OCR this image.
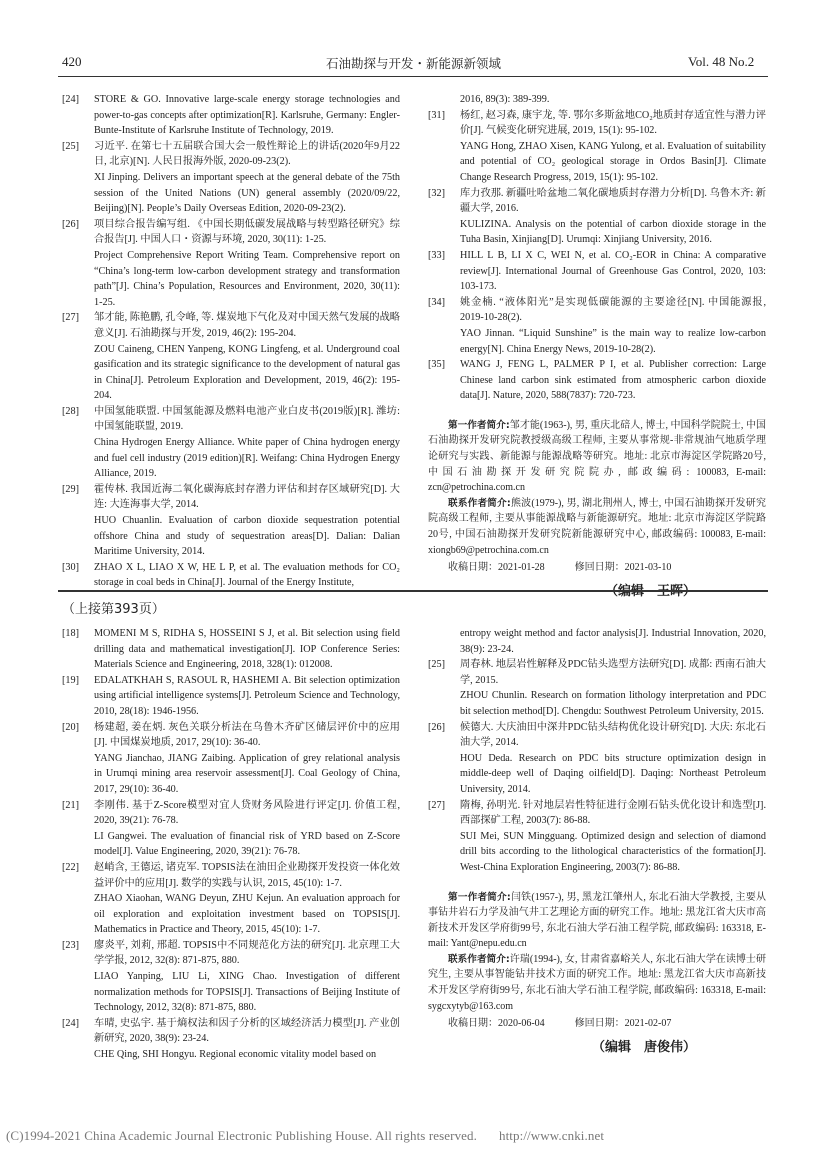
420	石油勘探与开发・新能源新领域	Vol. 48 No.2
[24] STORE & GO. Innovative large-scale energy storage technologies and power-to-gas concepts after optimization[R]. Karlsruhe, Germany: Engler-Bunte-Institute of Karlsruhe Institute of Technology, 2019.

[25] 习近平. 在第七十五届联合国大会一般性辩论上的讲话(2020年9月22日, 北京)[N]. 人民日报海外版, 2020-09-23(2).

XI Jinping. Delivers an important speech at the general debate of the 75th session of the United Nations (UN) general assembly (2020/09/22, Beijing)[N]. People’s Daily Overseas Edition, 2020-09-23(2).

[26] 项目综合报告编写组. 《中国长期低碳发展战略与转型路径研究》综合报告[J]. 中国人口・资源与环境, 2020, 30(11): 1-25.

Project Comprehensive Report Writing Team. Comprehensive report on “China’s long-term low-carbon development strategy and transformation path”[J]. China’s Population, Resources and Environment, 2020, 30(11): 1-25.

[27] 邹才能, 陈艳鹏, 孔令峰, 等. 煤炭地下气化及对中国天然气发展的战略意义[J]. 石油勘探与开发, 2019, 46(2): 195-204.

ZOU Caineng, CHEN Yanpeng, KONG Lingfeng, et al. Underground coal gasification and its strategic significance to the development of natural gas in China[J]. Petroleum Exploration and Development, 2019, 46(2): 195-204.

[28] 中国氢能联盟. 中国氢能源及燃料电池产业白皮书(2019版)[R]. 潍坊: 中国氢能联盟, 2019.

China Hydrogen Energy Alliance. White paper of China hydrogen energy and fuel cell industry (2019 edition)[R]. Weifang: China Hydrogen Energy Alliance, 2019.

[29] 霍传林. 我国近海二氧化碳海底封存潜力评估和封存区域研究[D]. 大连: 大连海事大学, 2014.

HUO Chuanlin. Evaluation of carbon dioxide sequestration potential offshore China and study of sequestration areas[D]. Dalian: Dalian Maritime University, 2014.

[30] ZHAO X L, LIAO X W, HE L P, et al. The evaluation methods for CO₂ storage in coal beds in China[J]. Journal of the Energy Institute,

2016, 89(3): 389-399.

[31] 杨红, 赵习森, 康宇龙, 等. 鄂尔多斯盆地CO₂地质封存适宜性与潜力评价[J]. 气候变化研究进展, 2019, 15(1): 95-102.

YANG Hong, ZHAO Xisen, KANG Yulong, et al. Evaluation of suitability and potential of CO₂ geological storage in Ordos Basin[J]. Climate Change Research Progress, 2019, 15(1): 95-102.

[32] 库力孜那. 新疆吐哈盆地二氧化碳地质封存潜力分析[D]. 乌鲁木齐: 新疆大学, 2016.

KULIZINA. Analysis on the potential of carbon dioxide storage in the Tuha Basin, Xinjiang[D]. Urumqi: Xinjiang University, 2016.

[33] HILL L B, LI X C, WEI N, et al. CO₂-EOR in China: A comparative review[J]. International Journal of Greenhouse Gas Control, 2020, 103: 103-173.

[34] 姚金楠. “液体阳光”是实现低碳能源的主要途径[N]. 中国能源报, 2019-10-28(2).

YAO Jinnan. “Liquid Sunshine” is the main way to realize low-carbon energy[N]. China Energy News, 2019-10-28(2).

[35] WANG J, FENG L, PALMER P I, et al. Publisher correction: Large Chinese land carbon sink estimated from atmospheric carbon dioxide data[J]. Nature, 2020, 588(7837): 720-723.

第一作者简介:邹才能(1963-), 男, 重庆北碚人, 博士, 中国科学院院士, 中国石油勘探开发研究院教授级高级工程师, 主要从事常规-非常规油气地质学理论研究与实践、新能源与能源战略等研究。地址: 北京市海淀区学院路20号, 中国石油勘探开发研究院院办, 邮政编码: 100083, E-mail: zcn@petrochina.com.cn

联系作者简介:熊波(1979-), 男, 湖北荆州人, 博士, 中国石油勘探开发研究院高级工程师, 主要从事能源战略与新能源研究。地址: 北京市海淀区学院路20号, 中国石油勘探开发研究院新能源研究中心, 邮政编码: 100083, E-mail: xiongb69@petrochina.com.cn

收稿日期：2021-01-28	修回日期：2021-03-10
（上接第393页）
[18] MOMENI M S, RIDHA S, HOSSEINI S J, et al. Bit selection using field drilling data and mathematical investigation[J]. IOP Conference Series: Materials Science and Engineering, 2018, 328(1): 012008.

[19] EDALATKHAH S, RASOUL R, HASHEMI A. Bit selection optimization using artificial intelligence systems[J]. Petroleum Science and Technology, 2010, 28(18): 1946-1956.

[20] 杨建超, 姜在炳. 灰色关联分析法在乌鲁木齐矿区储层评价中的应用[J]. 中国煤炭地质, 2017, 29(10): 36-40.

YANG Jianchao, JIANG Zaibing. Application of grey relational analysis in Urumqi mining area reservoir assessment[J]. Coal Geology of China, 2017, 29(10): 36-40.

[21] 李刚伟. 基于Z-Score模型对宜人贷财务风险进行评定[J]. 价值工程, 2020, 39(21): 76-78.

LI Gangwei. The evaluation of financial risk of YRD based on Z-Score model[J]. Value Engineering, 2020, 39(21): 76-78.

[22] 赵峭含, 王德运, 诸克军. TOPSIS法在油田企业勘探开发投资一体化效益评价中的应用[J]. 数学的实践与认识, 2015, 45(10): 1-7.

ZHAO Xiaohan, WANG Deyun, ZHU Kejun. An evaluation approach for oil exploration and exploitation investment based on TOPSIS[J]. Mathematics in Practice and Theory, 2015, 45(10): 1-7.

[23] 廖炎平, 刘莉, 邢超. TOPSIS中不同规范化方法的研究[J]. 北京理工大学学报, 2012, 32(8): 871-875, 880.

LIAO Yanping, LIU Li, XING Chao. Investigation of different normalization methods for TOPSIS[J]. Transactions of Beijing Institute of Technology, 2012, 32(8): 871-875, 880.

[24] 车晴, 史弘宇. 基于熵权法和因子分析的区域经济活力模型[J]. 产业创新研究, 2020, 38(9): 23-24.

CHE Qing, SHI Hongyu. Regional economic vitality model based on

entropy weight method and factor analysis[J]. Industrial Innovation, 2020, 38(9): 23-24.

[25] 周春林. 地层岩性解释及PDC钻头选型方法研究[D]. 成都: 西南石油大学, 2015.

ZHOU Chunlin. Research on formation lithology interpretation and PDC bit selection method[D]. Chengdu: Southwest Petroleum University, 2015.

[26] 候德大. 大庆油田中深井PDC钻头结构优化设计研究[D]. 大庆: 东北石油大学, 2014.

HOU Deda. Research on PDC bits structure optimization design in middle-deep well of Daqing oilfield[D]. Daqing: Northeast Petroleum University, 2014.

[27] 隋梅, 孙明光. 针对地层岩性特征进行金刚石钻头优化设计和选型[J]. 西部探矿工程, 2003(7): 86-88.

SUI Mei, SUN Mingguang. Optimized design and selection of diamond drill bits according to the lithological characteristics of the formation[J]. West-China Exploration Engineering, 2003(7): 86-88.

第一作者简介:闫铁(1957-), 男, 黑龙江肇州人, 东北石油大学教授, 主要从事钻井岩石力学及油气井工艺理论方面的研究工作。地址: 黑龙江省大庆市高新技术开发区学府街99号, 东北石油大学石油工程学院, 邮政编码: 163318, E-mail: Yant@nepu.edu.cn

联系作者简介:许瑞(1994-), 女, 甘肃省嘉峪关人, 东北石油大学在读博士研究生, 主要从事智能钻井技术方面的研究工作。地址: 黑龙江省大庆市高新技术开发区学府街99号, 东北石油大学石油工程学院, 邮政编码: 163318, E-mail: sygcxytyb@163.com

收稿日期：2020-06-04	修回日期：2021-02-07
（编辑　唐俊伟）
(C)1994-2021 China Academic Journal Electronic Publishing House. All rights reserved. http://www.cnki.net
